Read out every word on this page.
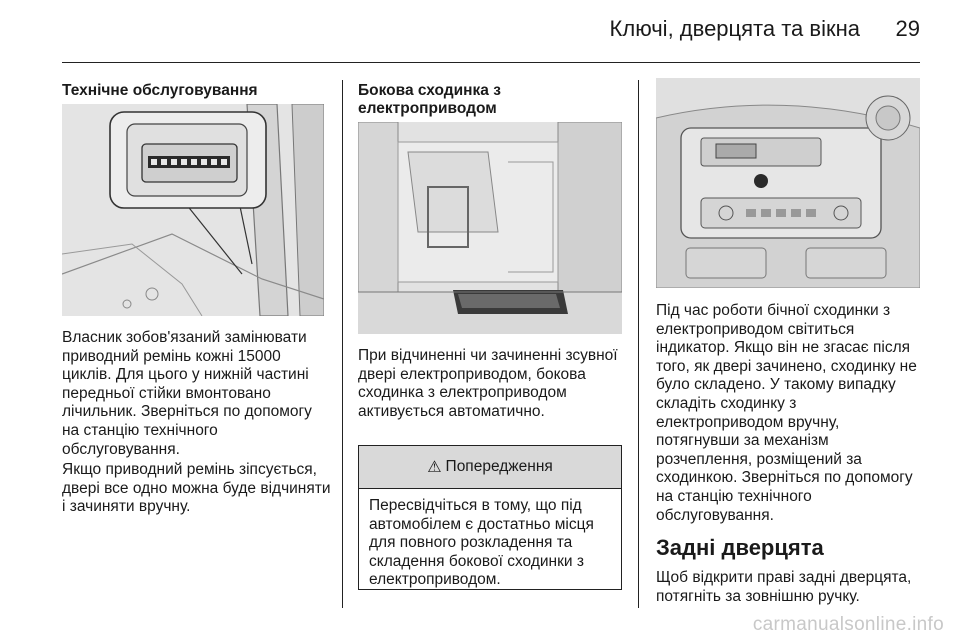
Ключі, дверцята та вікна 29
Технічне обслуговування

Власник зобов'язаний замінювати приводний ремінь кожні 15000 циклів. Для цього у нижній частині передньої стійки вмонтовано лічильник. Зверніться по допомогу на станцію технічного обслуговування.

Якщо приводний ремінь зіпсується, двері все одно можна буде відчиняти і зачиняти вручну.

Бокова сходинка з електроприводом

При відчиненні чи зачиненні зсувної двері електроприводом, бокова сходинка з електроприводом активується автоматично.

⚠ Попередження
Пересвідчіться в тому, що під автомобілем є достатньо місця для повного розкладення та складення бокової сходинки з електроприводом.

Під час роботи бічної сходинки з електроприводом світиться індикатор. Якщо він не згасає після того, як двері зачинено, сходинку не було складено. У такому випадку складіть сходинку з електроприводом вручну, потягнувши за механізм розчеплення, розміщений за сходинкою. Зверніться по допомогу на станцію технічного обслуговування.

Задні дверцята

Щоб відкрити праві задні дверцята, потягніть за зовнішню ручку.

carmanualsonline.info
